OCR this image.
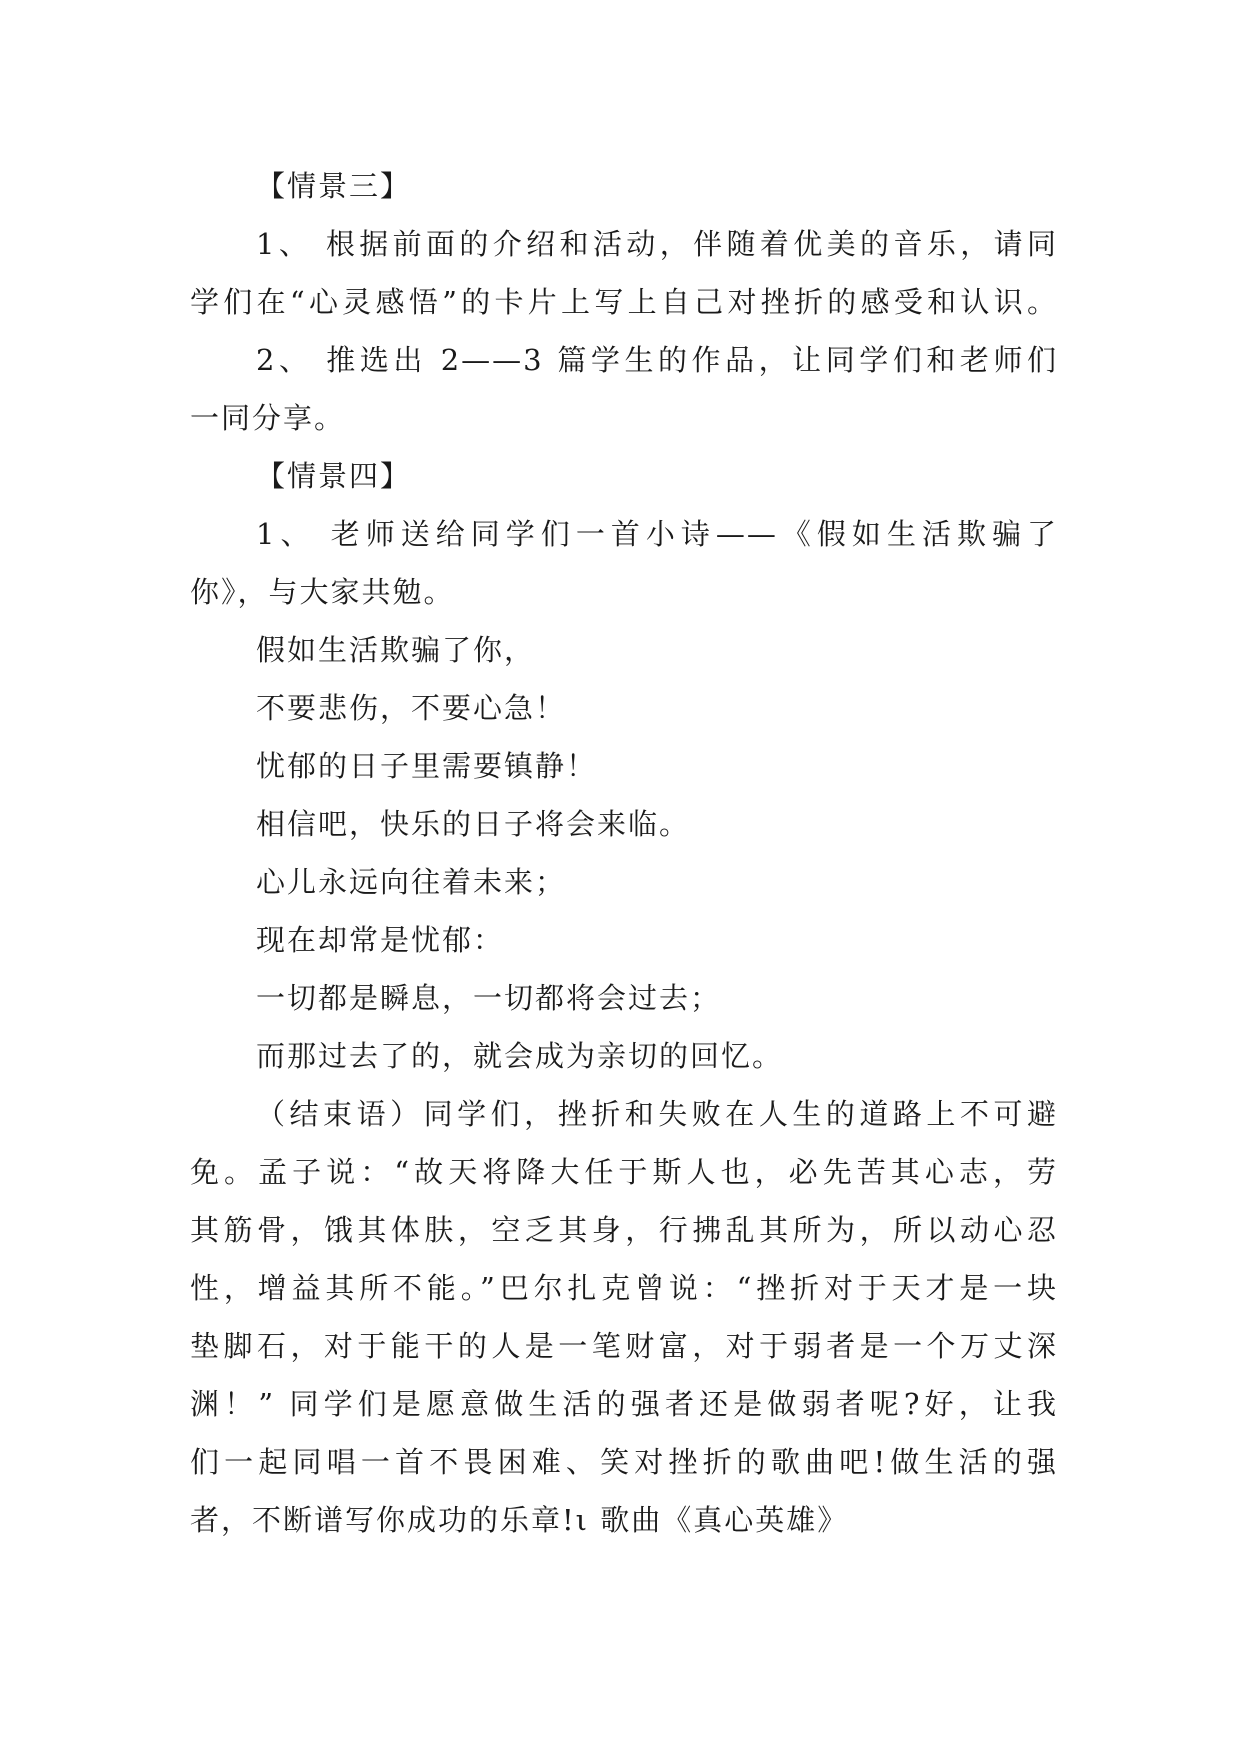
【情景三】
1、 根据前面的介绍和活动，伴随着优美的音乐，请同
学们在“心灵感悟”的卡片上写上自己对挫折的感受和认识。
2、 推选出 2——3 篇学生的作品，让同学们和老师们
一同分享。
【情景四】
1、 老师送给同学们一首小诗——《假如生活欺骗了
你》，与大家共勉。
假如生活欺骗了你，
不要悲伤，不要心急！
忧郁的日子里需要镇静！
相信吧，快乐的日子将会来临。
心儿永远向往着未来；
现在却常是忧郁：
一切都是瞬息，一切都将会过去；
而那过去了的，就会成为亲切的回忆。
（结束语）同学们，挫折和失败在人生的道路上不可避
免。孟子说：“故天将降大任于斯人也，必先苦其心志，劳
其筋骨，饿其体肤，空乏其身，行拂乱其所为，所以动心忍
性，增益其所不能。”巴尔扎克曾说：“挫折对于天才是一块
垫脚石，对于能干的人是一笔财富，对于弱者是一个万丈深
渊！” 同学们是愿意做生活的强者还是做弱者呢?好，让我
们一起同唱一首不畏困难、笑对挫折的歌曲吧!做生活的强
者，不断谱写你成功的乐章!ι 歌曲《真心英雄》
